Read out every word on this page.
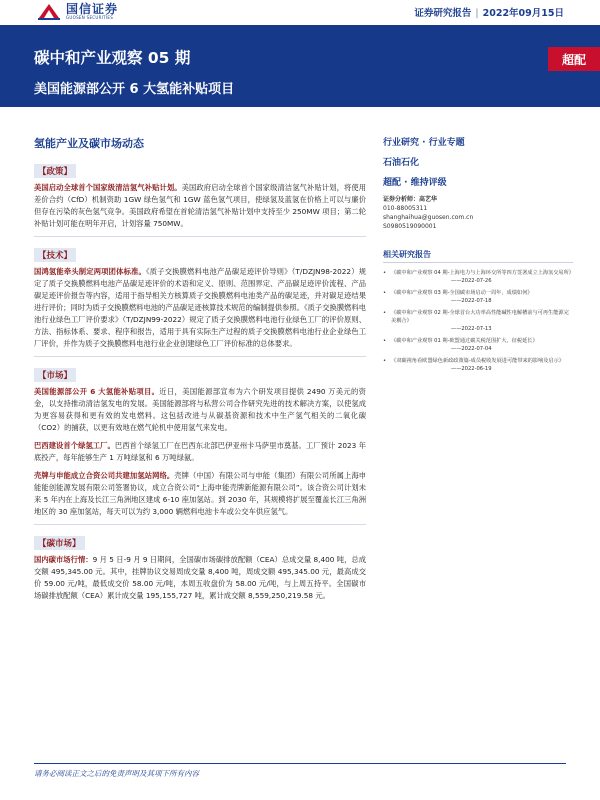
国信证券
GUOSEN SECURITIES	证券研究报告 | 2022年09月15日
碳中和产业观察 05 期
美国能源部公开 6 大氢能补贴项目
超配
氢能产业及碳市场动态
【政策】

美国启动全球首个国家级清洁氢气补贴计划。美国政府启动全球首个国家级清洁氢气补贴计划，将使用差价合约（CfD）机制资助 1GW 绿色氢气和 1GW 蓝色氢气项目，使绿氢及蓝氢在价格上可以与廉价但存在污染的灰色氢气竞争。美国政府希望在首轮清洁氢气补贴计划中支持至少 250MW 项目；第二轮补贴计划可能在明年开启，计划容量 750MW。

【技术】

国鸿氢能牵头制定两项团体标准。《质子交换膜燃料电池产品碳足迹评价导则》（T/DZJN98-2022）规定了质子交换膜燃料电池产品碳足迹评价的术语和定义、原则、范围界定、产品碳足迹评价流程、产品碳足迹评价报告等内容，适用于指导相关方核算质子交换膜燃料电池类产品的碳足迹，并对碳足迹结果进行评价；同时为质子交换膜燃料电池的产品碳足迹核算技术规范的编制提供参照。《质子交换膜燃料电池行业绿色工厂评价要求》（T/DZJN99-2022）规定了质子交换膜燃料电池行业绿色工厂的评价原则、方法、指标体系、要求、程序和报告，适用于具有实际生产过程的质子交换膜燃料电池行业企业绿色工厂评价，并作为质子交换膜燃料电池行业企业创建绿色工厂评价标准的总体要求。

【市场】

美国能源部公开 6 大氢能补贴项目。近日，美国能源部宣布为六个研发项目提供 2490 万美元的资金，以支持推动清洁氢发电的发展。美国能源部将与私营公司合作研究先进的技术解决方案，以使氢成为更容易获得和更有效的发电燃料。这包括改进与从碳基资源和技术中生产氢气相关的二氧化碳（CO2）的捕获，以更有效地在燃气轮机中使用氢气来发电。

巴西建设首个绿氢工厂。巴西首个绿氢工厂在巴西东北部巴伊亚州卡马萨里市奠基。工厂预计 2023 年底投产，每年能够生产 1 万吨绿氢和 6 万吨绿氨。

壳牌与申能成立合资公司共建加氢站网络。壳牌（中国）有限公司与申能（集团）有限公司所属上海申能能创能源发展有限公司签署协议，成立合资公司“上海申能壳牌新能源有限公司”。该合资公司计划未来 5 年内在上海及长江三角洲地区建成 6-10 座加氢站。到 2030 年，其规模将扩展至覆盖长江三角洲地区的 30 座加氢站，每天可以为约 3,000 辆燃料电池卡车或公交车供应氢气。

【碳市场】

国内碳市场行情：9 月 5 日-9 月 9 日期间，全国碳市场碳排放配额（CEA）总成交量 8,400 吨，总成交额 495,345.00 元。其中，挂牌协议交易周成交量 8,400 吨，周成交额 495,345.00 元，最高成交价 59.00 元/吨，最低成交价 58.00 元/吨，本周五收盘价为 58.00 元/吨，与上周五持平。全国碳市场碳排放配额（CEA）累计成交量 195,155,727 吨，累计成交额 8,559,250,219.58 元。

行业研究 · 行业专题
石油石化
超配 · 维持评级
证券分析师：高艺华
010-88005311
shanghaihua@guosen.com.cn
S0980519090001
相关研究报告
• 《碳中和产业观察 04 期-上海电力与上海环交所等四方签署成立上海氢交易所》
——2022-07-26
• 《碳中和产业观察 03 期-全国碳市场启动一周年，成绩如何》
——2022-07-18
• 《碳中和产业观察 02 期-全球首台大功率高性能碱性电解槽前与可再生能源完美耦合》
——2022-07-13
• 《碳中和产业观察 01 期-欧盟通过碳关税范围扩大、征税延长》
——2022-07-04
• 《双碳视角看欧盟绿色新政政策篇-成员税收发展进可能带来的影响及启示》
——2022-06-19
请务必阅读正文之后的免责声明及其项下所有内容
